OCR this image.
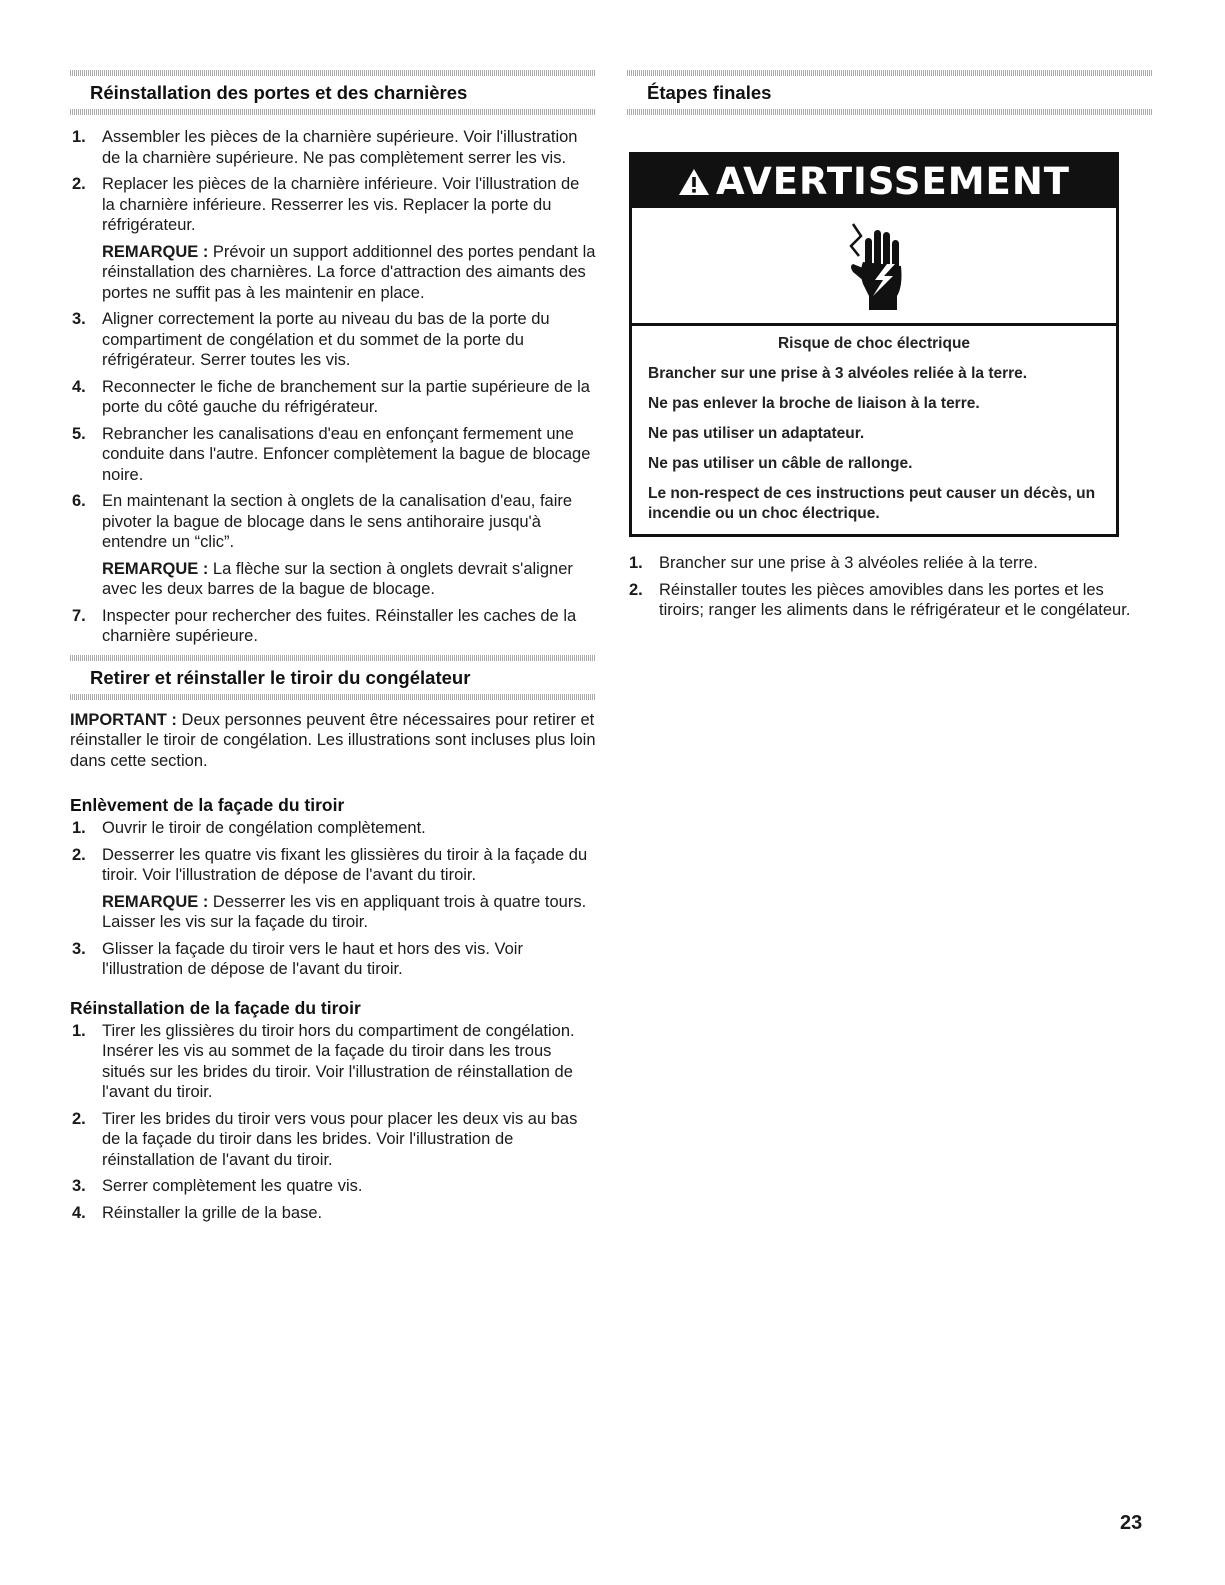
Réinstallation des portes et des charnières
1. Assembler les pièces de la charnière supérieure. Voir l'illustration de la charnière supérieure. Ne pas complètement serrer les vis.
2. Replacer les pièces de la charnière inférieure. Voir l'illustration de la charnière inférieure. Resserrer les vis. Replacer la porte du réfrigérateur.
REMARQUE : Prévoir un support additionnel des portes pendant la réinstallation des charnières. La force d'attraction des aimants des portes ne suffit pas à les maintenir en place.
3. Aligner correctement la porte au niveau du bas de la porte du compartiment de congélation et du sommet de la porte du réfrigérateur. Serrer toutes les vis.
4. Reconnecter le fiche de branchement sur la partie supérieure de la porte du côté gauche du réfrigérateur.
5. Rebrancher les canalisations d'eau en enfonçant fermement une conduite dans l'autre. Enfoncer complètement la bague de blocage noire.
6. En maintenant la section à onglets de la canalisation d'eau, faire pivoter la bague de blocage dans le sens antihoraire jusqu'à entendre un “clic”.
REMARQUE : La flèche sur la section à onglets devrait s'aligner avec les deux barres de la bague de blocage.
7. Inspecter pour rechercher des fuites. Réinstaller les caches de la charnière supérieure.
Retirer et réinstaller le tiroir du congélateur

IMPORTANT : Deux personnes peuvent être nécessaires pour retirer et réinstaller le tiroir de congélation. Les illustrations sont incluses plus loin dans cette section.

Enlèvement de la façade du tiroir
1. Ouvrir le tiroir de congélation complètement.
2. Desserrer les quatre vis fixant les glissières du tiroir à la façade du tiroir. Voir l'illustration de dépose de l'avant du tiroir.
REMARQUE : Desserrer les vis en appliquant trois à quatre tours. Laisser les vis sur la façade du tiroir.
3. Glisser la façade du tiroir vers le haut et hors des vis. Voir l'illustration de dépose de l'avant du tiroir.
Réinstallation de la façade du tiroir
1. Tirer les glissières du tiroir hors du compartiment de congélation. Insérer les vis au sommet de la façade du tiroir dans les trous situés sur les brides du tiroir. Voir l'illustration de réinstallation de l'avant du tiroir.
2. Tirer les brides du tiroir vers vous pour placer les deux vis au bas de la façade du tiroir dans les brides. Voir l'illustration de réinstallation de l'avant du tiroir.
3. Serrer complètement les quatre vis.
4. Réinstaller la grille de la base.
Étapes finales
AVERTISSEMENT
Risque de choc électrique
Brancher sur une prise à 3 alvéoles reliée à la terre.
Ne pas enlever la broche de liaison à la terre.
Ne pas utiliser un adaptateur.
Ne pas utiliser un câble de rallonge.
Le non-respect de ces instructions peut causer un décès, un incendie ou un choc électrique.
1. Brancher sur une prise à 3 alvéoles reliée à la terre.
2. Réinstaller toutes les pièces amovibles dans les portes et les tiroirs; ranger les aliments dans le réfrigérateur et le congélateur.
23
